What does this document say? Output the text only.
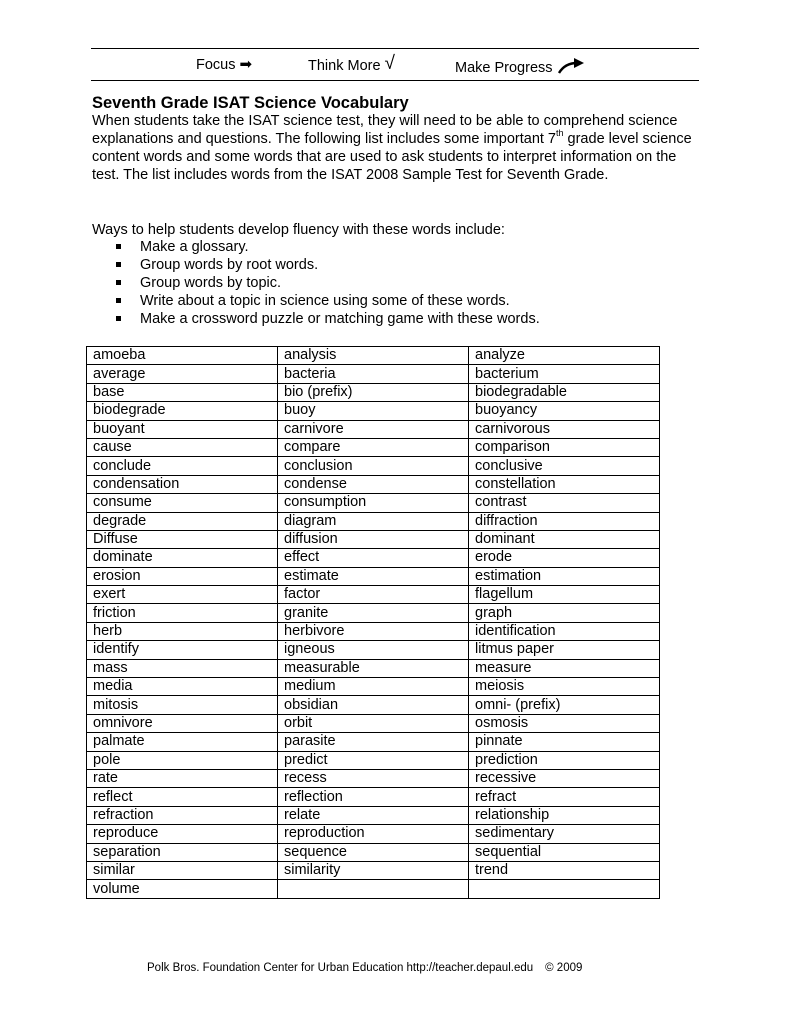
Focus ➡	Think More √	Make Progress
Seventh Grade ISAT Science Vocabulary
When students take the ISAT science test, they will need to be able to comprehend science explanations and questions. The following list includes some important 7th grade level science content words and some words that are used to ask students to interpret information on the test. The list includes words from the ISAT 2008 Sample Test for Seventh Grade.
Ways to help students develop fluency with these words include:
Make a glossary.
Group words by root words.
Group words by topic.
Write about a topic in science using some of these words.
Make a crossword puzzle or matching game with these words.
amoeba	analysis	analyze
average	bacteria	bacterium
base	bio (prefix)	biodegradable
biodegrade	buoy	buoyancy
buoyant	carnivore	carnivorous
cause	compare	comparison
conclude	conclusion	conclusive
condensation	condense	constellation
consume	consumption	contrast
degrade	diagram	diffraction
Diffuse	diffusion	dominant
dominate	effect	erode
erosion	estimate	estimation
exert	factor	flagellum
friction	granite	graph
herb	herbivore	identification
identify	igneous	litmus paper
mass	measurable	measure
media	medium	meiosis
mitosis	obsidian	omni- (prefix)
omnivore	orbit	osmosis
palmate	parasite	pinnate
pole	predict	prediction
rate	recess	recessive
reflect	reflection	refract
refraction	relate	relationship
reproduce	reproduction	sedimentary
separation	sequence	sequential
similar	similarity	trend
volume		
Polk Bros. Foundation Center for Urban Education http://teacher.depaul.edu © 2009
